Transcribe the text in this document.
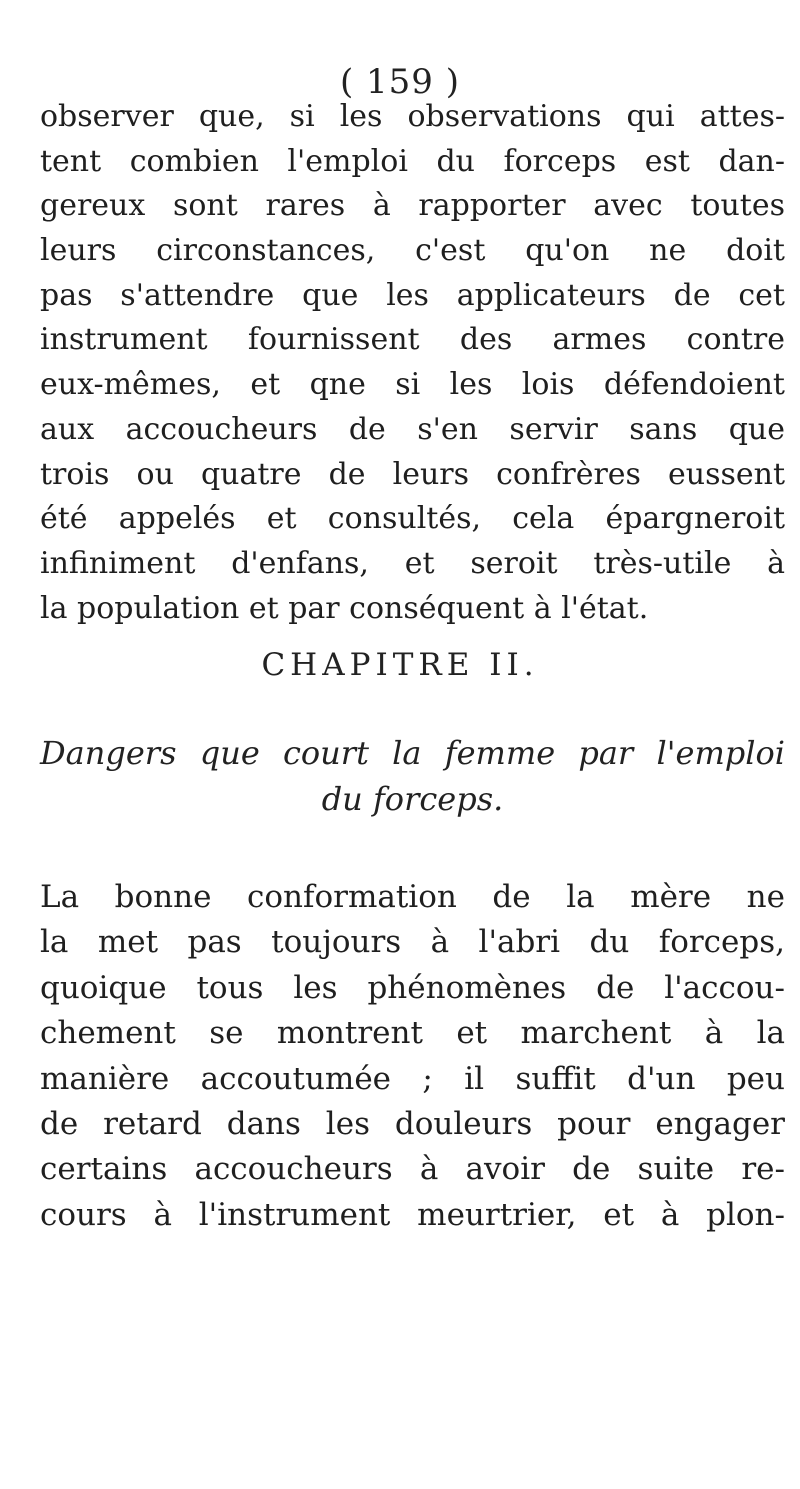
( 159 )
observer que, si les observations qui attes-
tent combien l'emploi du forceps est dan-
gereux sont rares à rapporter avec toutes
leurs circonstances, c'est qu'on ne doit
pas s'attendre que les applicateurs de cet
instrument fournissent des armes contre
eux-mêmes, et qne si les lois défendoient
aux accoucheurs de s'en servir sans que
trois ou quatre de leurs confrères eussent
été appelés et consultés, cela épargneroit
infiniment d'enfans, et seroit très-utile à
la population et par conséquent à l'état.
CHAPITRE II.
Dangers que court la femme par l'emploi
du forceps.
La bonne conformation de la mère ne
la met pas toujours à l'abri du forceps,
quoique tous les phénomènes de l'accou-
chement se montrent et marchent à la
manière accoutumée ; il suffit d'un peu
de retard dans les douleurs pour engager
certains accoucheurs à avoir de suite re-
cours à l'instrument meurtrier, et à plon-
